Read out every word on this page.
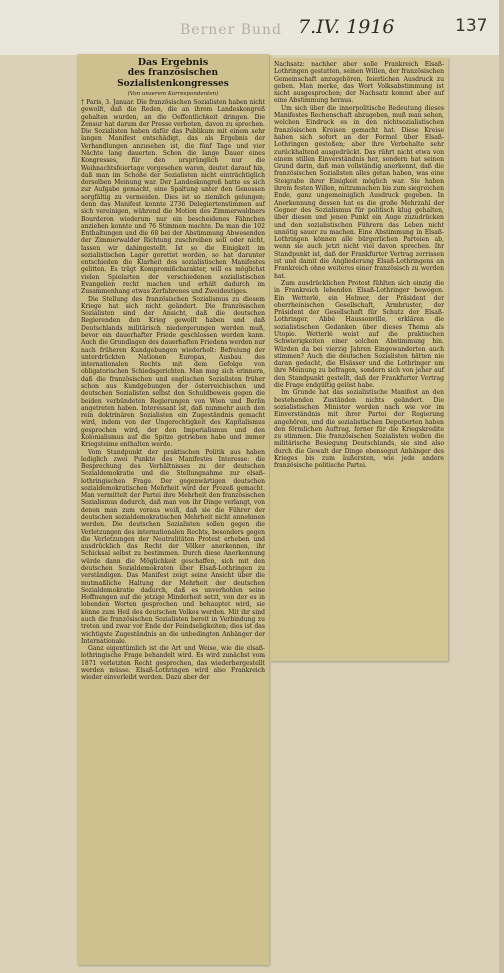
Berner Bund 7.IV. 1916	137

Das Ergebnis

des französischen Sozialistenkongresses

(Von unserem Korrespondenten)

† Paris, 3. Januar. Die französischen Sozialisten haben nicht gewollt, daß die Reden, die an ihrem Landeskongreß gehalten wurden, an die Oeffentlichkeit dringen. Die Zensur hat darum der Presse verboten, davon zu sprechen. Die Sozialisten haben dafür das Publikum mit einem sehr langen Manifest entschädigt, das als Ergebnis der Verhandlungen anzusehen ist, die fünf Tage und vier Nächte lang dauerten. Schon die lange Dauer eines Kongresses, für den ursprünglich nur die Weihnachtsfeiertage vorgesehen waren, deutet darauf hin, daß man im Schoße der Sozialisten nicht einträchtiglich derselben Meinung war. Der Landeskongreß hatte es sich zur Aufgabe gemacht, eine Spaltung unter den Genossen sorgfältig zu vermeiden. Dies ist so ziemlich gelungen; denn das Manifest konnte 2736 Delegiertenstimmen auf sich vereinigen, während die Motion des Zimmerwaldners Bourderon wiederum nur ein bescheidenes Fähnchen anziehen konnte und 76 Stimmen machte. Da man die 102 Enthaltungen und die 68 bei der Abstimmung Abwesenden der Zimmerwalder Richtung zuschreiben soll oder nicht, lassen wir dahingestellt. Ist so die Einigkeit im sozialistischen Lager gerettet worden, so hat darunter entschieden die Klarheit des sozialistischen Manifestes gelitten. Es trägt Kompromißcharakter, will es möglichst vielen Spielarten der verschiedenen sozialistischen Evangelien recht machen und erhält dadurch im Zusammenhang etwas Zerfahrenes und Zweideutiges.

Die Stellung des französischen Sozialismus zu diesem Kriege hat sich nicht geändert. Die französischen Sozialisten sind der Ansicht, daß die deutschen Regierenden den Krieg gewollt haben und daß Deutschlands militärisch niedergerungen werden muß, bevor ein dauerhafter Friede geschlossen werden kann. Auch die Grundlagen des dauerhaften Friedens werden nur nach früheren Kundgebungen wiederholt: Befreiung der unterdrückten Nationen Europas, Ausbau des internationalen Rechts mit dem Gefolge von obligatorischen Schiedsgerichten. Man mag sich erinnern, daß die französischen und englischen Sozialisten früher schon aus Kundgebungen der österreichischen und deutschen Sozialisten selbst den Schuldbeweis gegen die beiden verbündeten Regierungen von Wien und Berlin angetreten haben. Interessant ist, daß nunmehr auch den rein doktrinären Sozialisten ein Zugeständnis gemacht wird, indem von der Ungerechtigkeit des Kapitalismus gesprochen wird, der den Imperialismus und den Kolonialismus auf die Spitze getrieben habe und immer Kriegsteime enthalten werde.

Vom Standpunkt der praktischen Politik aus haben lediglich zwei Punkte des Manifestes Interesse: die Besprechung des Verhältnisses zu der deutschen Sozialdemokratie und die Stellungnahme zur elsaß-lothringischen Frage. Der gegenwärtigen deutschen sozialdemokratischen Mehrheit wird der Prozeß gemacht. Man vermittelt der Partei ihre Mehrheit den französischen Sozialismus dadurch, daß man von ihr Dinge verlangt, von denen man zum voraus weiß, daß sie die Führer der deutschen sozialdemokratischen Mehrheit nicht annehmen werden. Die deutschen Sozialisten sollen gegen die Verletzungen des internationalen Rechts, besonders gegen die Verletzungen der Neutralitäten Protest erheben und ausdrücklich das Recht der Völker anerkennen, ihr Schicksal selbst zu bestimmen. Durch diese Anerkennung würde dann die Möglichkeit geschaffen, sich mit den deutschen Sozialdemokraten über Elsaß-Lothringen zu verständigen. Das Manifest zeigt seine Ansicht über die mutmaßliche Haltung der Mehrheit der deutschen Sozialdemokratie dadurch, daß es unverhohlen seine Hoffnungen auf die jetzige Minderheit setzt, von der es in lobenden Worten gesprochen und behauptet wird, sie könne zum Heil des deutschen Volkes werden. Mit ihr sind auch die französischen Sozialisten bereit in Verbindung zu treten und zwar vor Ende der Feindseligkeiten; dies ist das wichtigste Zugeständnis an die unbedingten Anhänger der Internationale.

Ganz eigentümlich ist die Art und Weise, wie die elsaß-lothringische Frage behandelt wird. Es wird zunächst vom 1871 verletzten Recht gesprochen, das wiederhergestellt werden müsse. Elsaß-Lothringen wird also Frankreich wieder einverleibt werden. Dazu aber der

Nachsatz: nachher aber solle Frankreich Elsaß-Lothringen gestatten, seinen Willen, der französischen Gemeinschaft anzugehören, feierlichen Ausdruck zu geben. Man merke, das Wort Volksabstimmung ist nicht ausgesprochen; der Nachsatz kommt aber auf eine Abstimmung heraus.

Um sich über die innerpolitische Bedeutung dieses Manifestes Rechenschaft abzugeben, muß man sehen, welchen Eindruck es in den nichtsozialistischen französischen Kreisen gemacht hat. Diese Kreise haben sich sofort an der Formel über Elsaß-Lothringen gestoßen; aber ihre Verbehalte sehr zurückhaltend ausgedrückt. Das rührt nicht etwa von einem stillen Einverständnis her, sondern hat seinen Grund darin, daß man vollständig anerkennt, daß die französischen Sozialisten alles getan haben, was eine Steigrabe ihrer Einigkeit möglich war. Sie haben ihrem festen Willen, mitzumachen bis zum siegreichen Ende, ganz ungemeiniglich Ausdruck gegeben. In Anerkennung dessen hat es die große Mehrzahl der Gegner des Sozialismus für politisch klug gehalten, über diesen und jenen Punkt ein Auge zuzudrücken und den sozialistischen Führern das Leben nicht unnötig sauer zu machen. Eine Abstimmung in Elsaß-Lothringen können alle bürgerlichen Parteien ab, wenn sie auch jetzt nicht viel davon sprechen. Ihr Standpunkt ist, daß der Frankfurter Vertrag zerrissen ist und damit die Angliederung Elsaß-Lothringens an Frankreich ohne weiteres einer französisch zu werden hat.

Zum ausdrücklichen Protest fühlten sich einzig die in Frankreich lebenden Elsaß-Lothringer bewogen. Ein Wetterlé, ein Helmer, der Präsident der oberrheinischen Gesellschaft, Armbruster, der Präsident der Gesellschaft für Schutz der Elsaß-Lothringer, Abbé Haussonville, erklären die sozialistischen Gedanken über dieses Thema als Utopie. Wetterlé weist auf die praktischen Schwierigkeiten einer solchen Abstimmung hin. Würden da bei vierzig Jahren Eingewanderten auch stimmen? Auch die deutschen Sozialisten hätten nie daran gedacht, die Elsässer und die Lothringer um ihre Meinung zu befragen, sondern sich von jeher auf den Standpunkt gestellt, daß der Frankfurter Vertrag die Frage endgültig gelöst habe.

Im Grunde hat das sozialistische Manifest an den bestehenden Zuständen nichts geändert. Die sozialistischen Minister werden nach wie vor im Einverständnis mit ihrer Partei der Regierung angehören, und die sozialistischen Deputierten haben den förmlichen Auftrag, ferner für die Kriegskredite zu stimmen. Die französischen Sozialisten wollen die militärische Besiegung Deutschlands, sie sind also durch die Gewalt der Dinge ebensogut Anhänger des Krieges bis zum äußersten, wie jede andere französische politische Partei.
